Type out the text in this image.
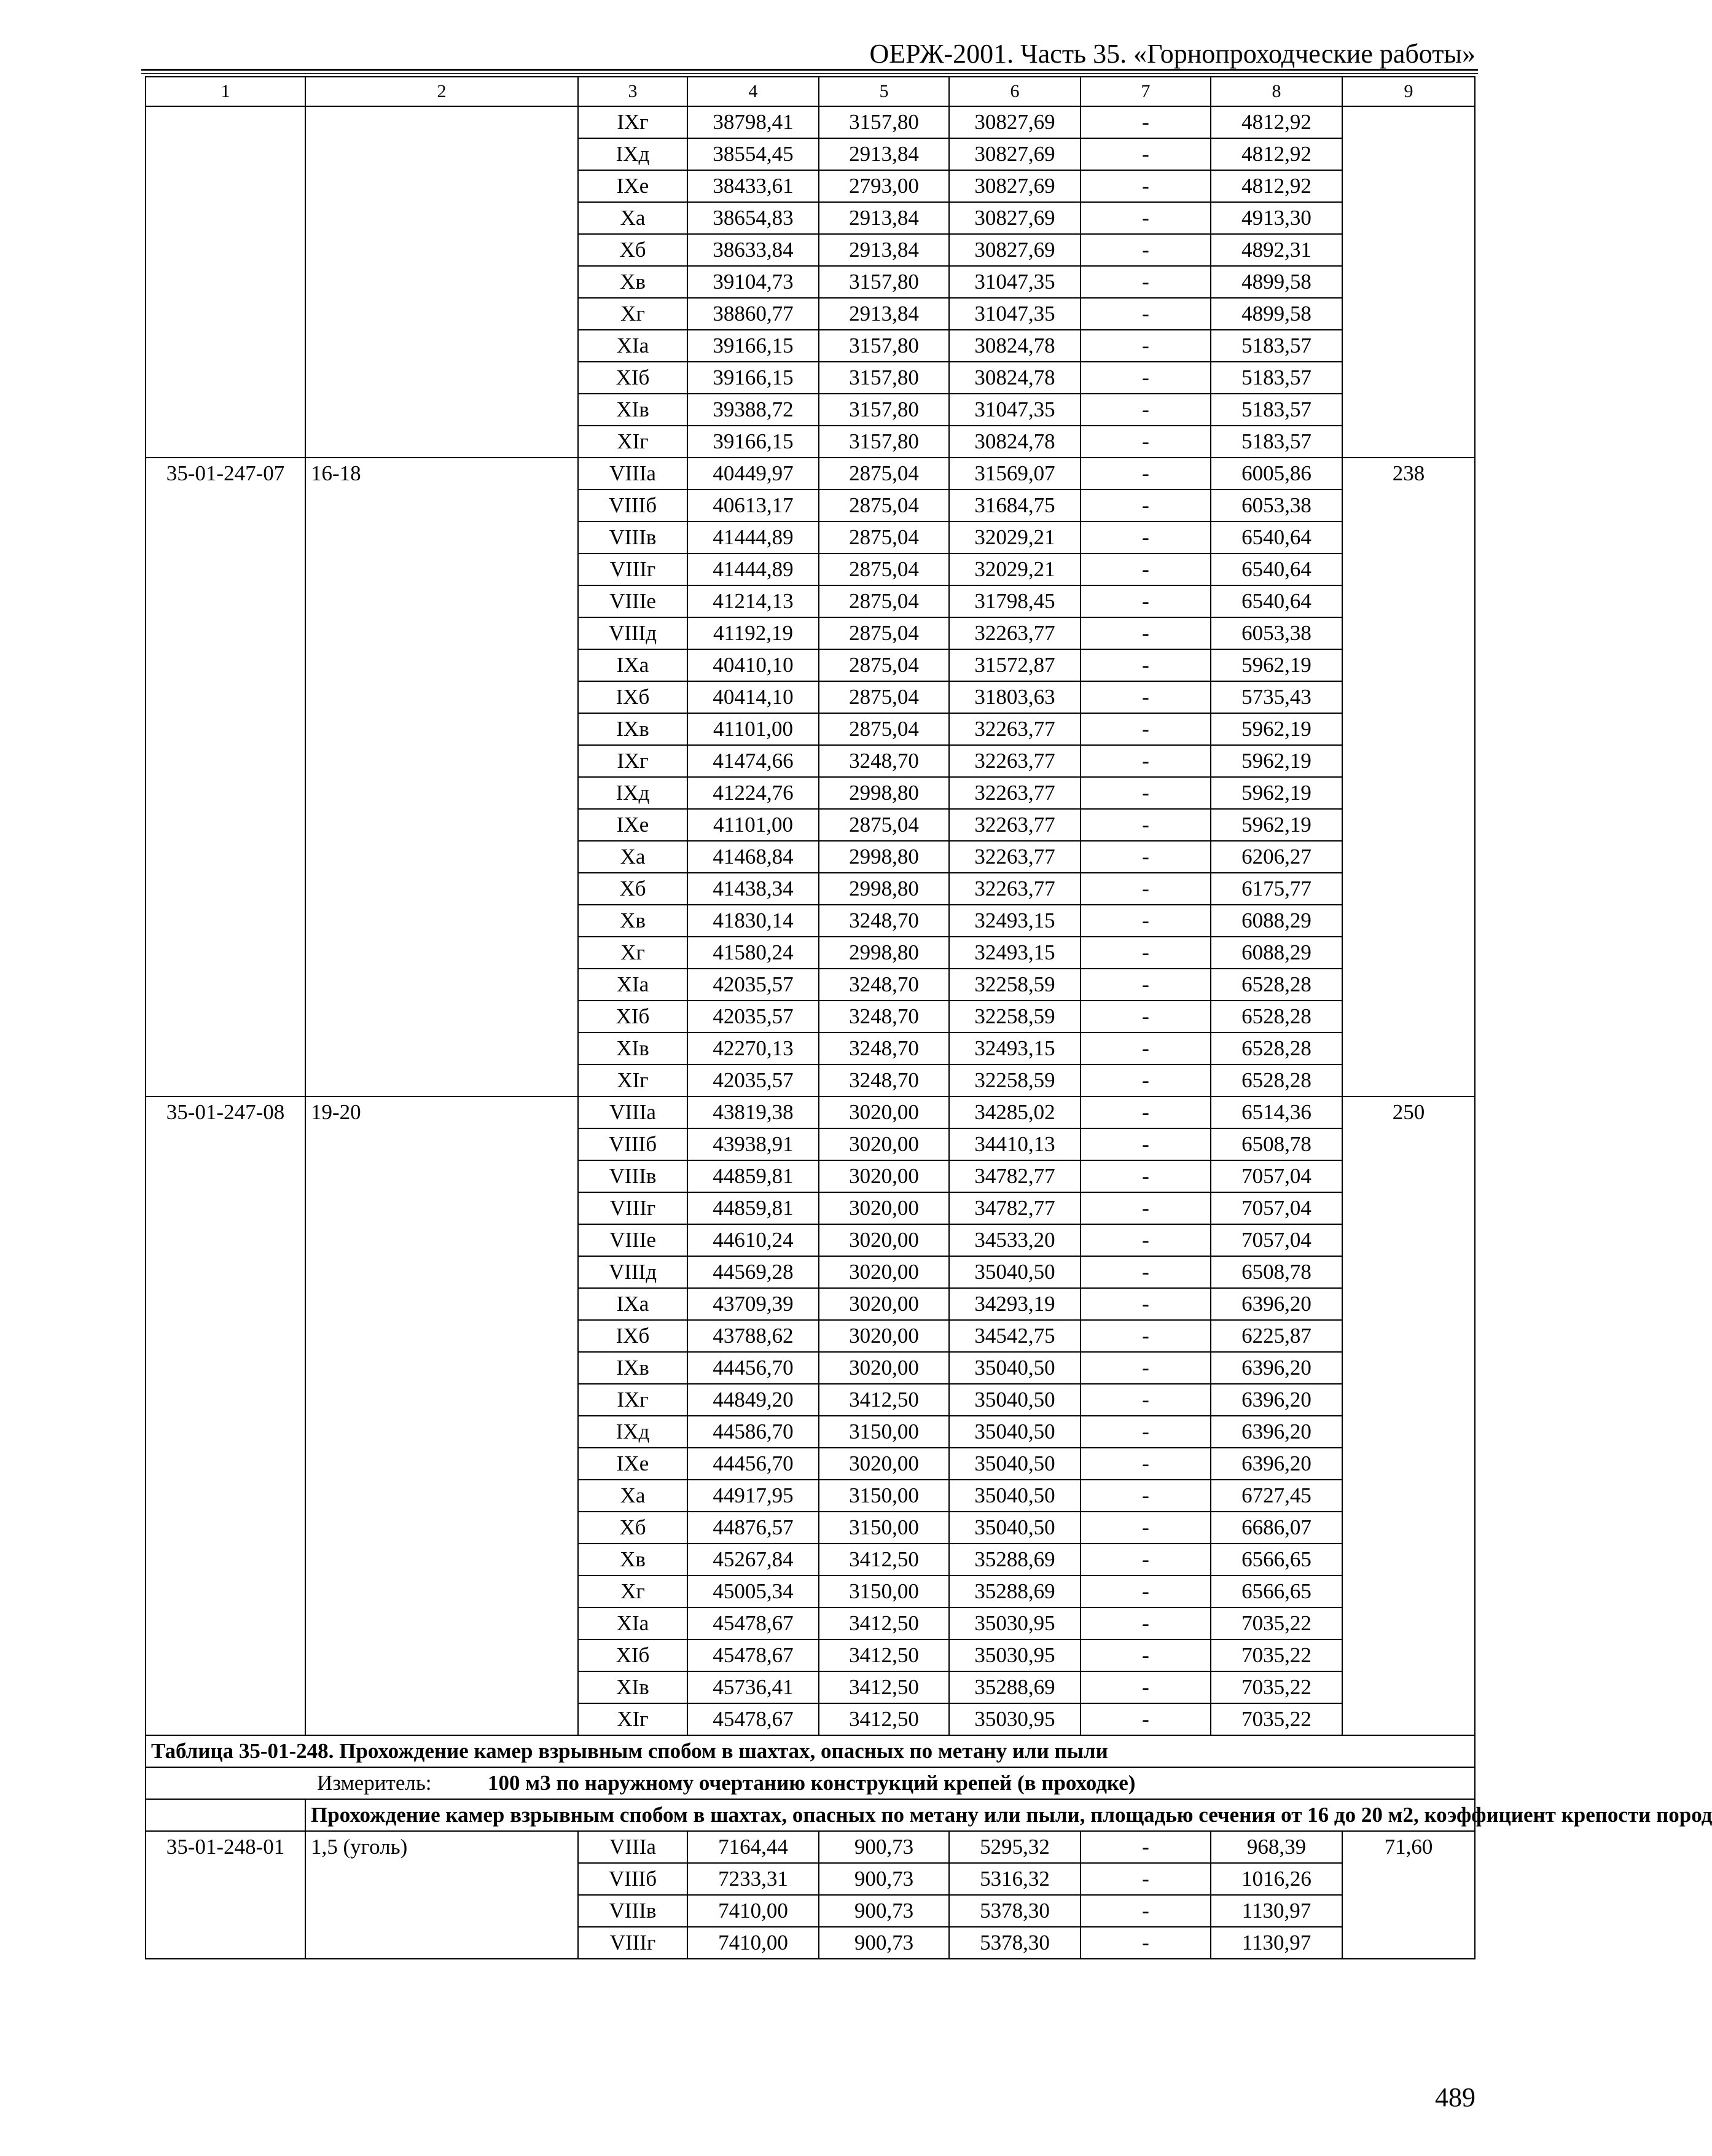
ОЕРЖ-2001. Часть 35. «Горнопроходческие работы»
1	2	3	4	5	6	7	8	9
		IXг	38798,41	3157,80	30827,69	-	4812,92	
		IXд	38554,45	2913,84	30827,69	-	4812,92	
		IXе	38433,61	2793,00	30827,69	-	4812,92	
		Xа	38654,83	2913,84	30827,69	-	4913,30	
		Xб	38633,84	2913,84	30827,69	-	4892,31	
		Xв	39104,73	3157,80	31047,35	-	4899,58	
		Xг	38860,77	2913,84	31047,35	-	4899,58	
		XIа	39166,15	3157,80	30824,78	-	5183,57	
		XIб	39166,15	3157,80	30824,78	-	5183,57	
		XIв	39388,72	3157,80	31047,35	-	5183,57	
		XIг	39166,15	3157,80	30824,78	-	5183,57	
35-01-247-07	16-18	VIIIа	40449,97	2875,04	31569,07	-	6005,86	238
		VIIIб	40613,17	2875,04	31684,75	-	6053,38	
		VIIIв	41444,89	2875,04	32029,21	-	6540,64	
		VIIIг	41444,89	2875,04	32029,21	-	6540,64	
		VIIIе	41214,13	2875,04	31798,45	-	6540,64	
		VIIIд	41192,19	2875,04	32263,77	-	6053,38	
		IXа	40410,10	2875,04	31572,87	-	5962,19	
		IXб	40414,10	2875,04	31803,63	-	5735,43	
		IXв	41101,00	2875,04	32263,77	-	5962,19	
		IXг	41474,66	3248,70	32263,77	-	5962,19	
		IXд	41224,76	2998,80	32263,77	-	5962,19	
		IXе	41101,00	2875,04	32263,77	-	5962,19	
		Xа	41468,84	2998,80	32263,77	-	6206,27	
		Xб	41438,34	2998,80	32263,77	-	6175,77	
		Xв	41830,14	3248,70	32493,15	-	6088,29	
		Xг	41580,24	2998,80	32493,15	-	6088,29	
		XIа	42035,57	3248,70	32258,59	-	6528,28	
		XIб	42035,57	3248,70	32258,59	-	6528,28	
		XIв	42270,13	3248,70	32493,15	-	6528,28	
		XIг	42035,57	3248,70	32258,59	-	6528,28	
35-01-247-08	19-20	VIIIа	43819,38	3020,00	34285,02	-	6514,36	250
		VIIIб	43938,91	3020,00	34410,13	-	6508,78	
		VIIIв	44859,81	3020,00	34782,77	-	7057,04	
		VIIIг	44859,81	3020,00	34782,77	-	7057,04	
		VIIIе	44610,24	3020,00	34533,20	-	7057,04	
		VIIIд	44569,28	3020,00	35040,50	-	6508,78	
		IXа	43709,39	3020,00	34293,19	-	6396,20	
		IXб	43788,62	3020,00	34542,75	-	6225,87	
		IXв	44456,70	3020,00	35040,50	-	6396,20	
		IXг	44849,20	3412,50	35040,50	-	6396,20	
		IXд	44586,70	3150,00	35040,50	-	6396,20	
		IXе	44456,70	3020,00	35040,50	-	6396,20	
		Xа	44917,95	3150,00	35040,50	-	6727,45	
		Xб	44876,57	3150,00	35040,50	-	6686,07	
		Xв	45267,84	3412,50	35288,69	-	6566,65	
		Xг	45005,34	3150,00	35288,69	-	6566,65	
		XIа	45478,67	3412,50	35030,95	-	7035,22	
		XIб	45478,67	3412,50	35030,95	-	7035,22	
		XIв	45736,41	3412,50	35288,69	-	7035,22	
		XIг	45478,67	3412,50	35030,95	-	7035,22	
Таблица 35-01-248. Прохождение камер взрывным спобом в шахтах, опасных по метану или пыли								
Измеритель: 100 м3 по наружному очертанию конструкций крепей (в проходке)								
	Прохождение камер взрывным спобом в шахтах, опасных по метану или пыли, площадью сечения от 16 до 20 м2, коэффициент крепости пород							
35-01-248-01	1,5 (уголь)	VIIIа	7164,44	900,73	5295,32	-	968,39	71,60
		VIIIб	7233,31	900,73	5316,32	-	1016,26	
		VIIIв	7410,00	900,73	5378,30	-	1130,97	
		VIIIг	7410,00	900,73	5378,30	-	1130,97	
489
